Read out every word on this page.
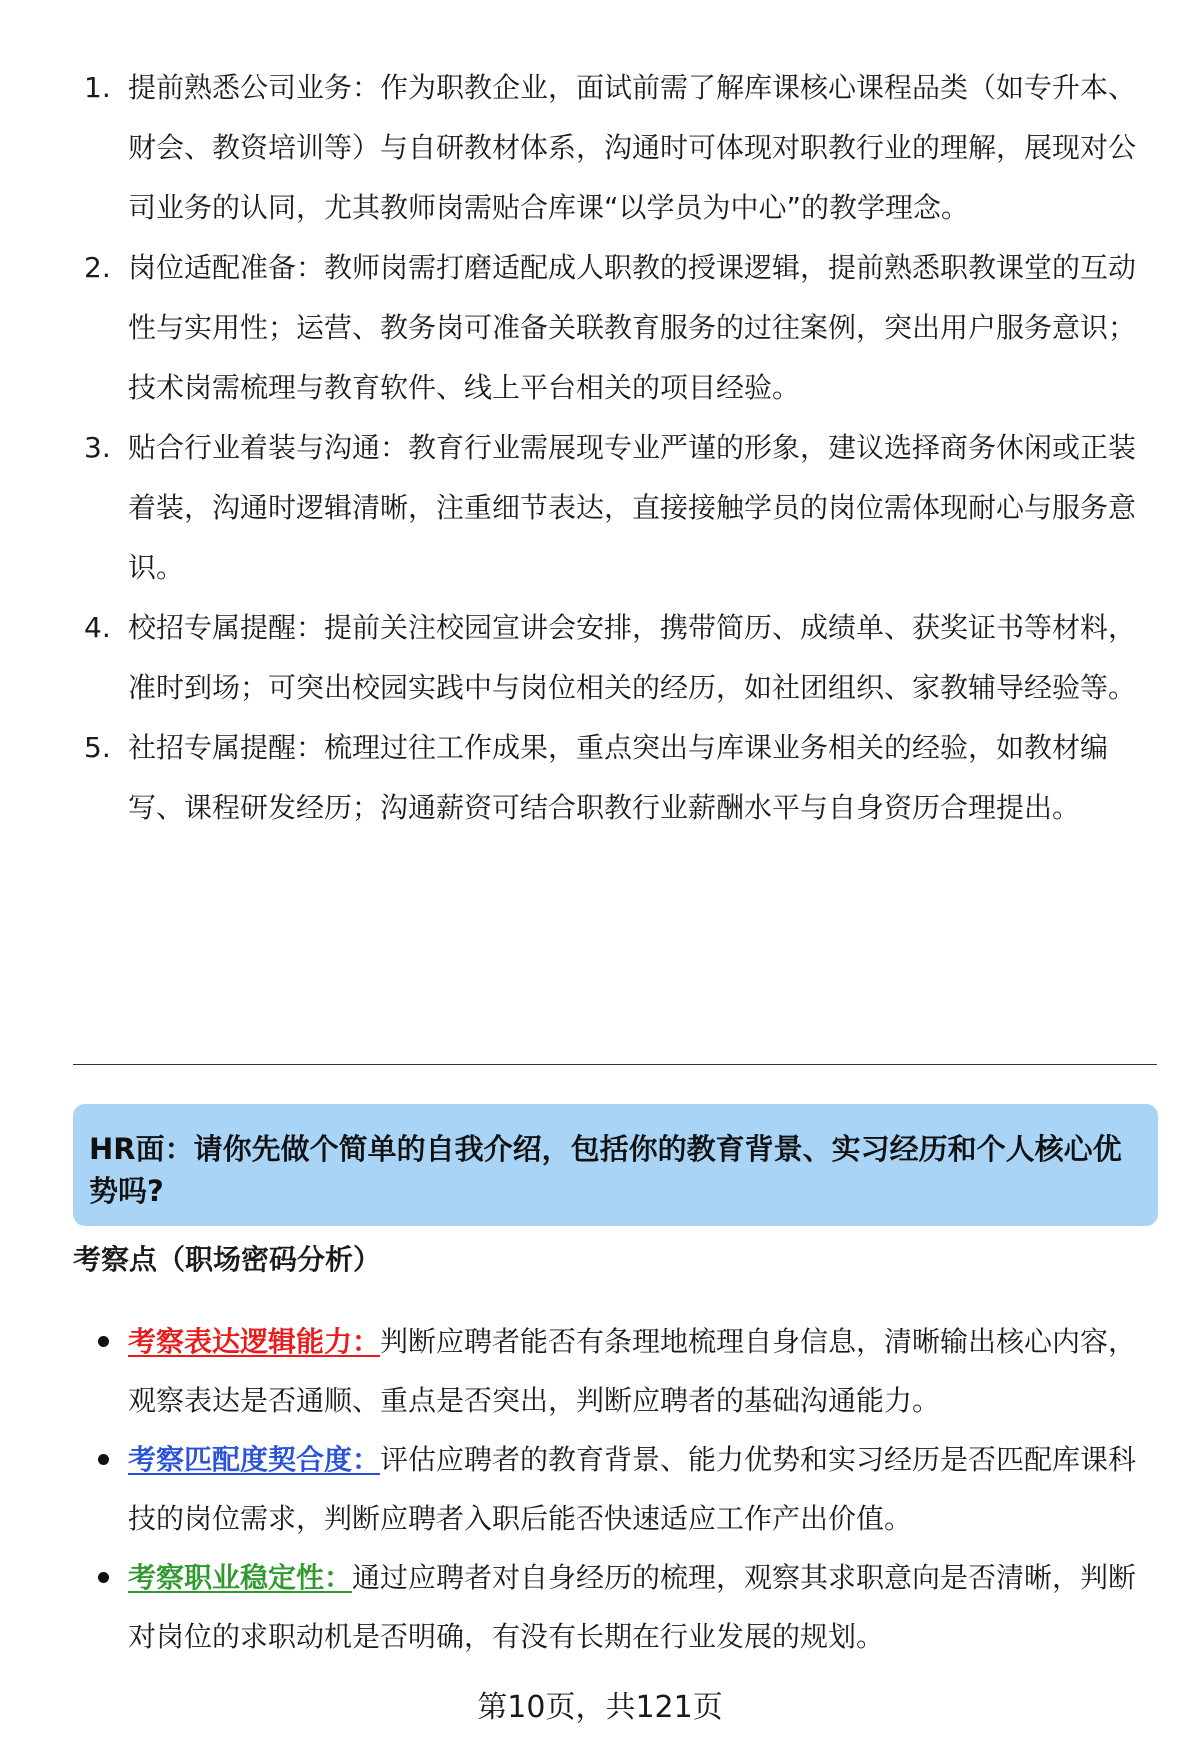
1. 提前熟悉公司业务：作为职教企业，面试前需了解库课核心课程品类（如专升本、财会、教资培训等）与自研教材体系，沟通时可体现对职教行业的理解，展现对公司业务的认同，尤其教师岗需贴合库课“以学员为中心”的教学理念。
2. 岗位适配准备：教师岗需打磨适配成人职教的授课逻辑，提前熟悉职教课堂的互动性与实用性；运营、教务岗可准备关联教育服务的过往案例，突出用户服务意识；技术岗需梳理与教育软件、线上平台相关的项目经验。
3. 贴合行业着装与沟通：教育行业需展现专业严谨的形象，建议选择商务休闲或正装着装，沟通时逻辑清晰，注重细节表达，直接接触学员的岗位需体现耐心与服务意识。
4. 校招专属提醒：提前关注校园宣讲会安排，携带简历、成绩单、获奖证书等材料，准时到场；可突出校园实践中与岗位相关的经历，如社团组织、家教辅导经验等。
5. 社招专属提醒：梳理过往工作成果，重点突出与库课业务相关的经验，如教材编写、课程研发经历；沟通薪资可结合职教行业薪酬水平与自身资历合理提出。
HR面：请你先做个简单的自我介绍，包括你的教育背景、实习经历和个人核心优势吗?
考察点（职场密码分析）
考察表达逻辑能力：判断应聘者能否有条理地梳理自身信息，清晰输出核心内容，观察表达是否通顺、重点是否突出，判断应聘者的基础沟通能力。
考察匹配度契合度：评估应聘者的教育背景、能力优势和实习经历是否匹配库课科技的岗位需求，判断应聘者入职后能否快速适应工作产出价值。
考察职业稳定性：通过应聘者对自身经历的梳理，观察其求职意向是否清晰，判断对岗位的求职动机是否明确，有没有长期在行业发展的规划。
第10页，共121页
